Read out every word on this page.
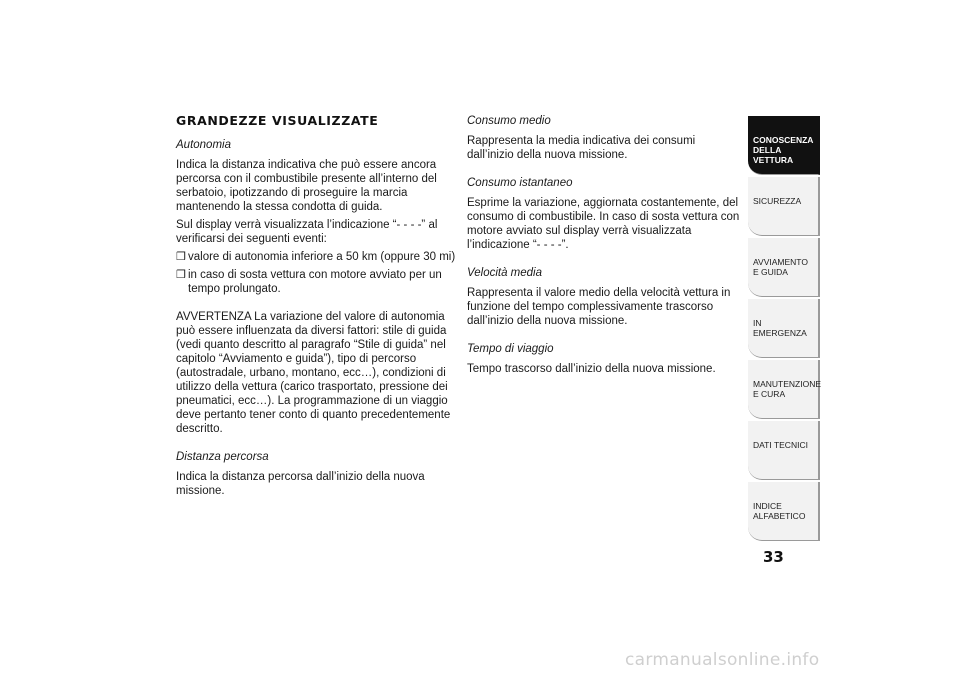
GRANDEZZE VISUALIZZATE
Autonomia

Indica la distanza indicativa che può essere ancora percorsa con il combustibile presente all’interno del serbatoio, ipotizzando di proseguire la marcia mantenendo la stessa condotta di guida.

Sul display verrà visualizzata l’indicazione “- - - -” al verificarsi dei seguenti eventi:

❒ valore di autonomia inferiore a 50 km (oppure 30 mi)
❒ in caso di sosta vettura con motore avviato per un tempo prolungato.

AVVERTENZA La variazione del valore di autonomia può essere influenzata da diversi fattori: stile di guida (vedi quanto descritto al paragrafo “Stile di guida” nel capitolo “Avviamento e guida”), tipo di percorso (autostradale, urbano, montano, ecc…), condizioni di utilizzo della vettura (carico trasportato, pressione dei pneumatici, ecc…). La programmazione di un viaggio deve pertanto tener conto di quanto precedentemente descritto.

Distanza percorsa

Indica la distanza percorsa dall’inizio della nuova missione.

Consumo medio

Rappresenta la media indicativa dei consumi dall’inizio della nuova missione.

Consumo istantaneo

Esprime la variazione, aggiornata costantemente, del consumo di combustibile. In caso di sosta vettura con motore avviato sul display verrà visualizzata l’indicazione “- - - -”.

Velocità media

Rappresenta il valore medio della velocità vettura in funzione del tempo complessivamente trascorso dall’inizio della nuova missione.

Tempo di viaggio

Tempo trascorso dall’inizio della nuova missione.

CONOSCENZA DELLA VETTURA
SICUREZZA
AVVIAMENTO E GUIDA
IN EMERGENZA
MANUTENZIONE E CURA
DATI TECNICI
INDICE ALFABETICO
33
carmanualsonline.info
